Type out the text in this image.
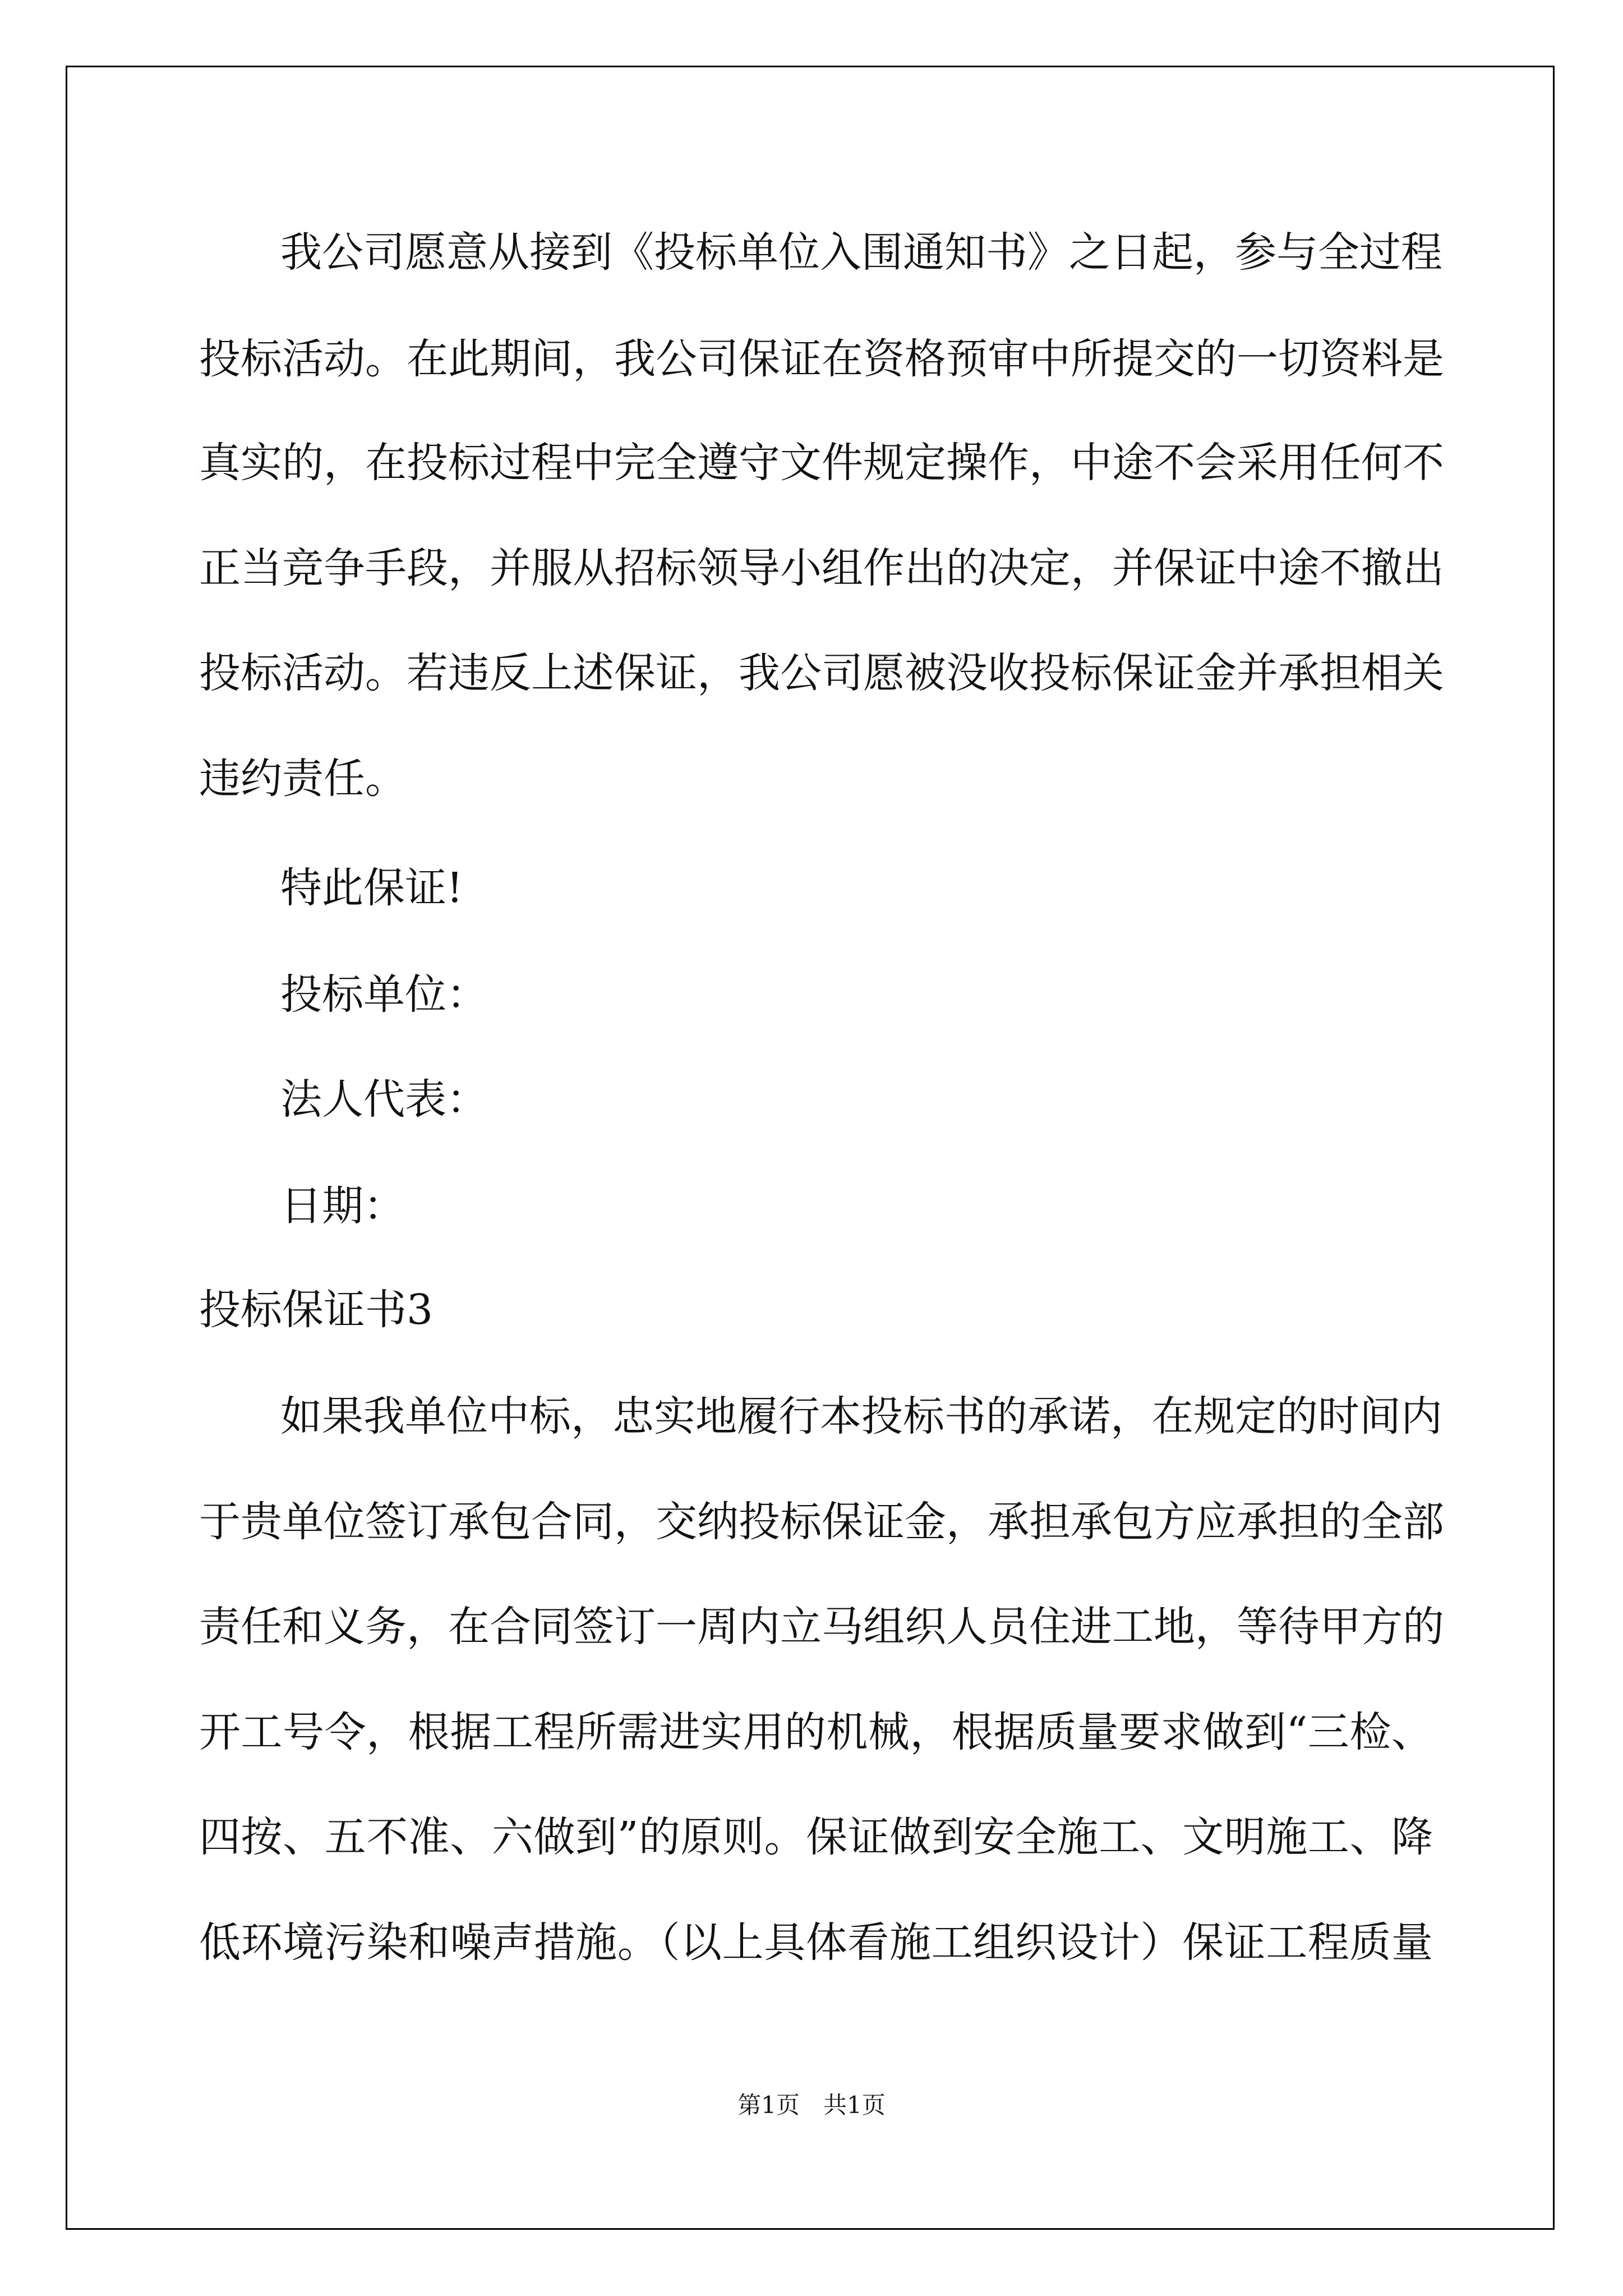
我公司愿意从接到《投标单位入围通知书》之日起，参与全过程

投标活动。在此期间，我公司保证在资格预审中所提交的一切资料是

真实的，在投标过程中完全遵守文件规定操作，中途不会采用任何不

正当竞争手段，并服从招标领导小组作出的决定，并保证中途不撤出

投标活动。若违反上述保证，我公司愿被没收投标保证金并承担相关

违约责任。

特此保证!

投标单位：

法人代表：

日期：

投标保证书3

如果我单位中标，忠实地履行本投标书的承诺，在规定的时间内

于贵单位签订承包合同，交纳投标保证金，承担承包方应承担的全部

责任和义务，在合同签订一周内立马组织人员住进工地，等待甲方的

开工号令，根据工程所需进实用的机械，根据质量要求做到“三检、

四按、五不准、六做到”的原则。保证做到安全施工、文明施工、降

低环境污染和噪声措施。（以上具体看施工组织设计）保证工程质量

第1页　共1页
